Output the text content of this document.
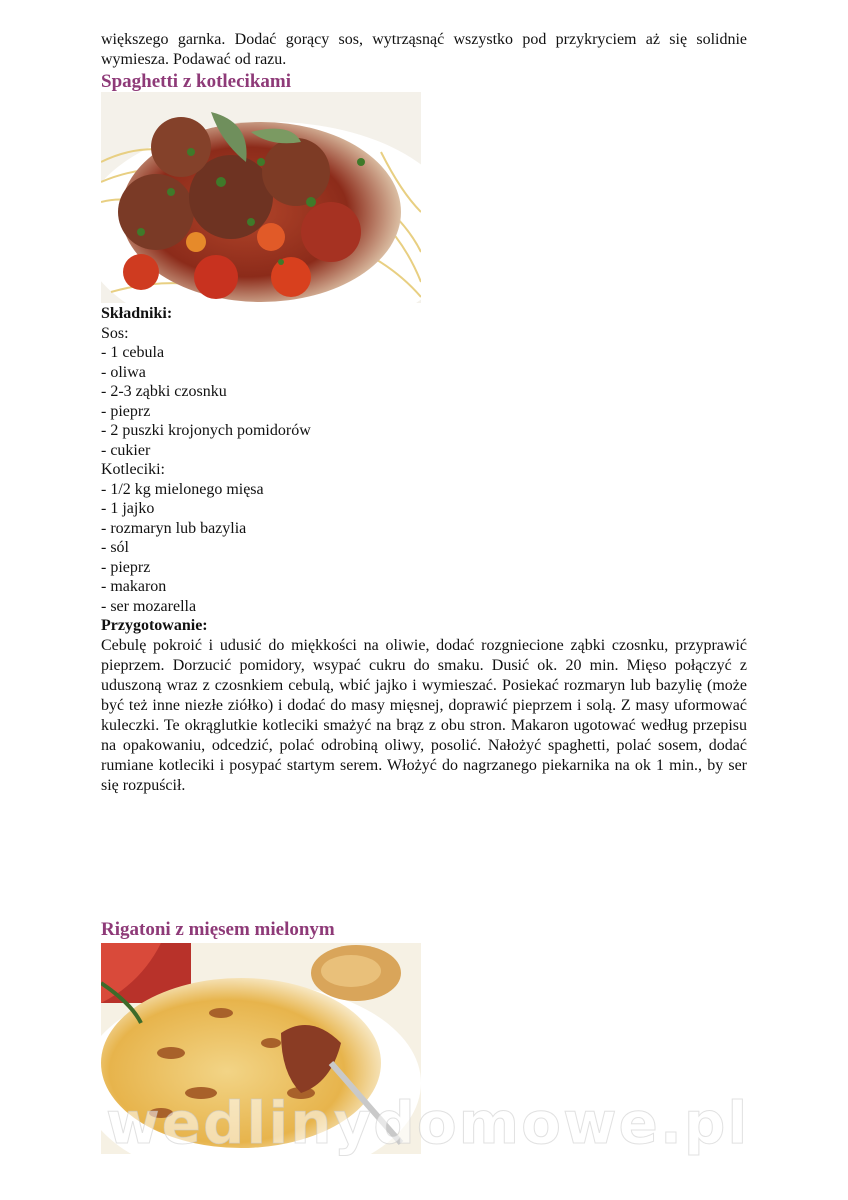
większego garnka. Dodać gorący sos, wytrząsnąć wszystko pod przykryciem aż się solidnie wymiesza. Podawać od razu.

Spaghetti z kotlecikami

Składniki:

Sos:

- 1 cebula

- oliwa

- 2-3 ząbki czosnku

- pieprz

- 2 puszki krojonych pomidorów

- cukier

Kotleciki:

- 1/2 kg mielonego mięsa

- 1 jajko

- rozmaryn lub bazylia

- sól

- pieprz

- makaron

- ser mozarella

Przygotowanie:

Cebulę pokroić i udusić do miękkości na oliwie, dodać rozgniecione ząbki czosnku, przyprawić pieprzem. Dorzucić pomidory, wsypać cukru do smaku. Dusić ok. 20 min. Mięso połączyć z uduszoną wraz z czosnkiem cebulą, wbić jajko i wymieszać. Posiekać rozmaryn lub bazylię (może być też inne niezłe ziółko) i dodać do masy mięsnej, doprawić pieprzem i solą. Z masy uformować kuleczki. Te okrąglutkie kotleciki smażyć na brąz z obu stron. Makaron ugotować według przepisu na opakowaniu, odcedzić, polać odrobiną oliwy, posolić. Nałożyć spaghetti, polać sosem, dodać rumiane kotleciki i posypać startym serem. Włożyć do nagrzanego piekarnika na ok 1 min., by ser się rozpuścił.

Rigatoni z mięsem mielonym
wedlinydomowe.pl
